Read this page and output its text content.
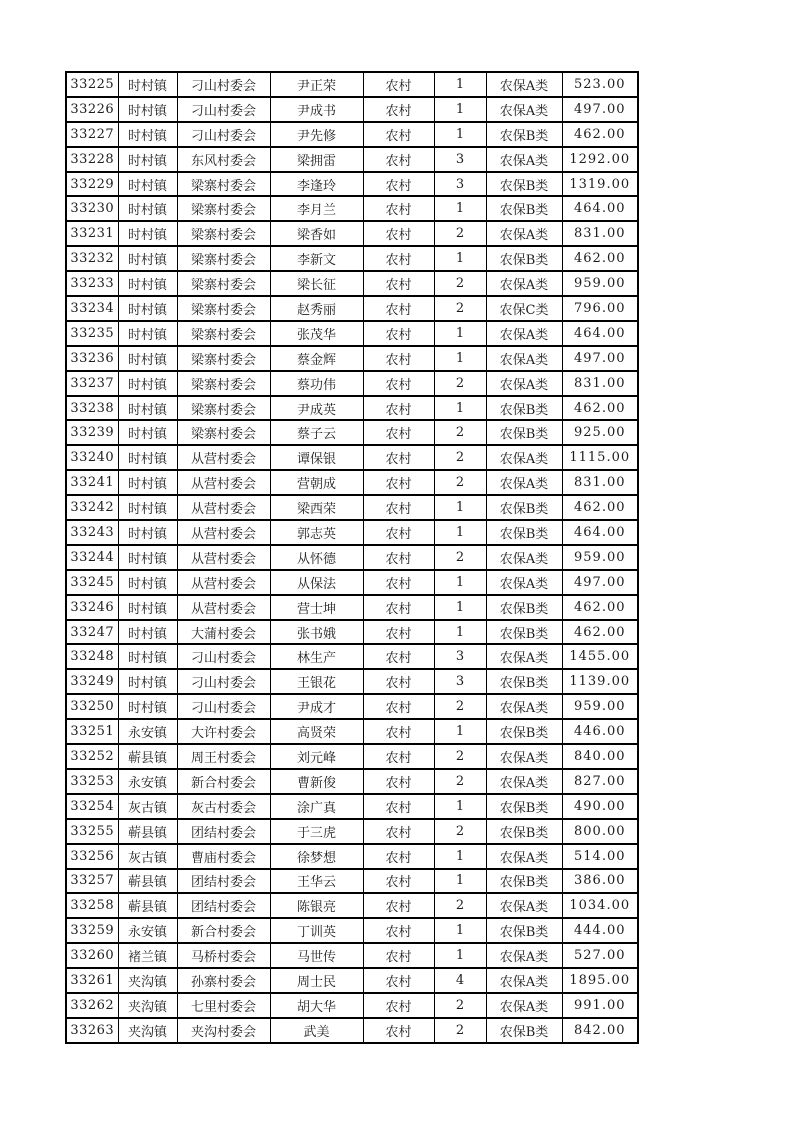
33225	时村镇	刁山村委会	尹正荣	农村	1	农保A类	523.00
33226	时村镇	刁山村委会	尹成书	农村	1	农保A类	497.00
33227	时村镇	刁山村委会	尹先修	农村	1	农保B类	462.00
33228	时村镇	东风村委会	梁拥雷	农村	3	农保A类	1292.00
33229	时村镇	梁寨村委会	李逢玲	农村	3	农保B类	1319.00
33230	时村镇	梁寨村委会	李月兰	农村	1	农保B类	464.00
33231	时村镇	梁寨村委会	梁香如	农村	2	农保A类	831.00
33232	时村镇	梁寨村委会	李新文	农村	1	农保B类	462.00
33233	时村镇	梁寨村委会	梁长征	农村	2	农保A类	959.00
33234	时村镇	梁寨村委会	赵秀丽	农村	2	农保C类	796.00
33235	时村镇	梁寨村委会	张茂华	农村	1	农保A类	464.00
33236	时村镇	梁寨村委会	蔡金辉	农村	1	农保A类	497.00
33237	时村镇	梁寨村委会	蔡功伟	农村	2	农保A类	831.00
33238	时村镇	梁寨村委会	尹成英	农村	1	农保B类	462.00
33239	时村镇	梁寨村委会	蔡子云	农村	2	农保B类	925.00
33240	时村镇	从营村委会	谭保银	农村	2	农保A类	1115.00
33241	时村镇	从营村委会	营朝成	农村	2	农保A类	831.00
33242	时村镇	从营村委会	梁西荣	农村	1	农保B类	462.00
33243	时村镇	从营村委会	郭志英	农村	1	农保B类	464.00
33244	时村镇	从营村委会	从怀德	农村	2	农保A类	959.00
33245	时村镇	从营村委会	从保法	农村	1	农保A类	497.00
33246	时村镇	从营村委会	营士坤	农村	1	农保B类	462.00
33247	时村镇	大蒲村委会	张书娥	农村	1	农保B类	462.00
33248	时村镇	刁山村委会	林生产	农村	3	农保A类	1455.00
33249	时村镇	刁山村委会	王银花	农村	3	农保B类	1139.00
33250	时村镇	刁山村委会	尹成才	农村	2	农保A类	959.00
33251	永安镇	大许村委会	高贤荣	农村	1	农保B类	446.00
33252	蕲县镇	周王村委会	刘元峰	农村	2	农保A类	840.00
33253	永安镇	新合村委会	曹新俊	农村	2	农保A类	827.00
33254	灰古镇	灰古村委会	涂广真	农村	1	农保B类	490.00
33255	蕲县镇	团结村委会	于三虎	农村	2	农保B类	800.00
33256	灰古镇	曹庙村委会	徐梦想	农村	1	农保A类	514.00
33257	蕲县镇	团结村委会	王华云	农村	1	农保B类	386.00
33258	蕲县镇	团结村委会	陈银亮	农村	2	农保A类	1034.00
33259	永安镇	新合村委会	丁训英	农村	1	农保B类	444.00
33260	褚兰镇	马桥村委会	马世传	农村	1	农保A类	527.00
33261	夹沟镇	孙寨村委会	周士民	农村	4	农保A类	1895.00
33262	夹沟镇	七里村委会	胡大华	农村	2	农保A类	991.00
33263	夹沟镇	夹沟村委会	武美	农村	2	农保B类	842.00
